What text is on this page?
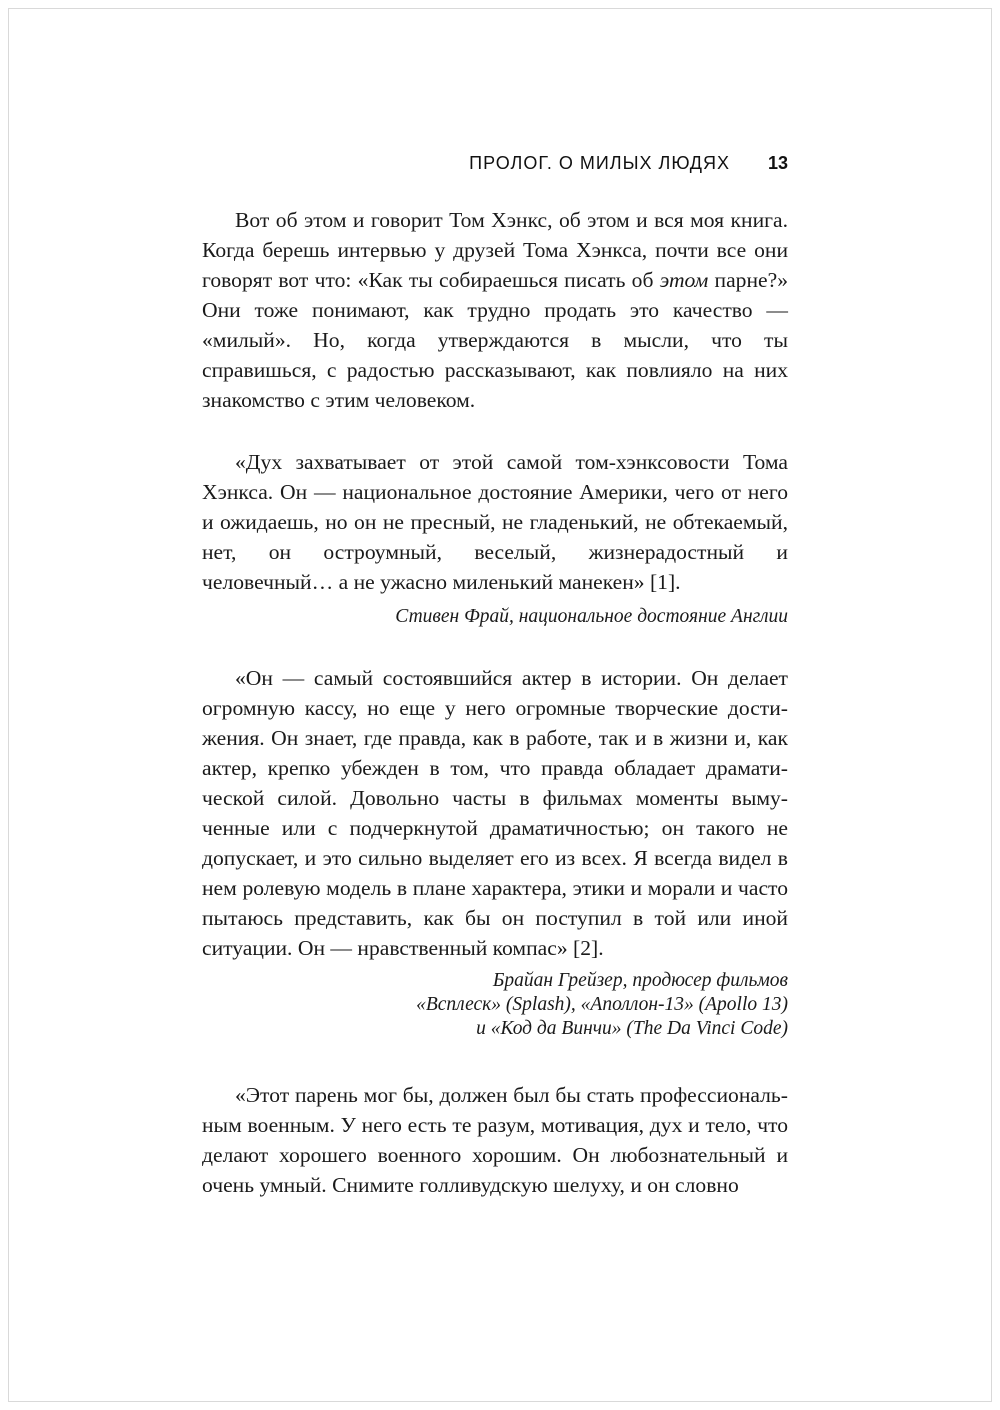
ПРОЛОГ. О МИЛЫХ ЛЮДЯХ 13

Вот об этом и говорит Том Хэнкс, об этом и вся моя книга. Когда берешь интервью у друзей Тома Хэнкса, почти все они говорят вот что: «Как ты собираешься писать об этом парне?» Они тоже понимают, как трудно продать это качество — «милый». Но, когда утверждаются в мысли, что ты справишься, с радостью рассказывают, как повлияло на них знакомство с этим человеком.

«Дух захватывает от этой самой том-хэнксовости Тома Хэнкса. Он — национальное достояние Америки, чего от него и ожидаешь, но он не пресный, не гладенький, не обтекаемый, нет, он остроумный, веселый, жизнерадостный и человечный… а не ужасно миленький манекен» [1].

Стивен Фрай, национальное достояние Англии

«Он — самый состоявшийся актер в истории. Он делает огромную кассу, но еще у него огромные творческие достижения. Он знает, где правда, как в работе, так и в жизни и, как актер, крепко убежден в том, что правда обладает драматической силой. Довольно часты в фильмах моменты вымученные или с подчеркнутой драматичностью; он такого не допускает, и это сильно выделяет его из всех. Я всегда видел в нем ролевую модель в плане характера, этики и морали и часто пытаюсь представить, как бы он поступил в той или иной ситуации. Он — нравственный компас» [2].

Брайан Грейзер, продюсер фильмов
«Всплеск» (Splash), «Аполлон-13» (Apollo 13)
и «Код да Винчи» (The Da Vinci Code)

«Этот парень мог бы, должен был бы стать профессиональным военным. У него есть те разум, мотивация, дух и тело, что делают хорошего военного хорошим. Он любознательный и очень умный. Снимите голливудскую шелуху, и он словно
